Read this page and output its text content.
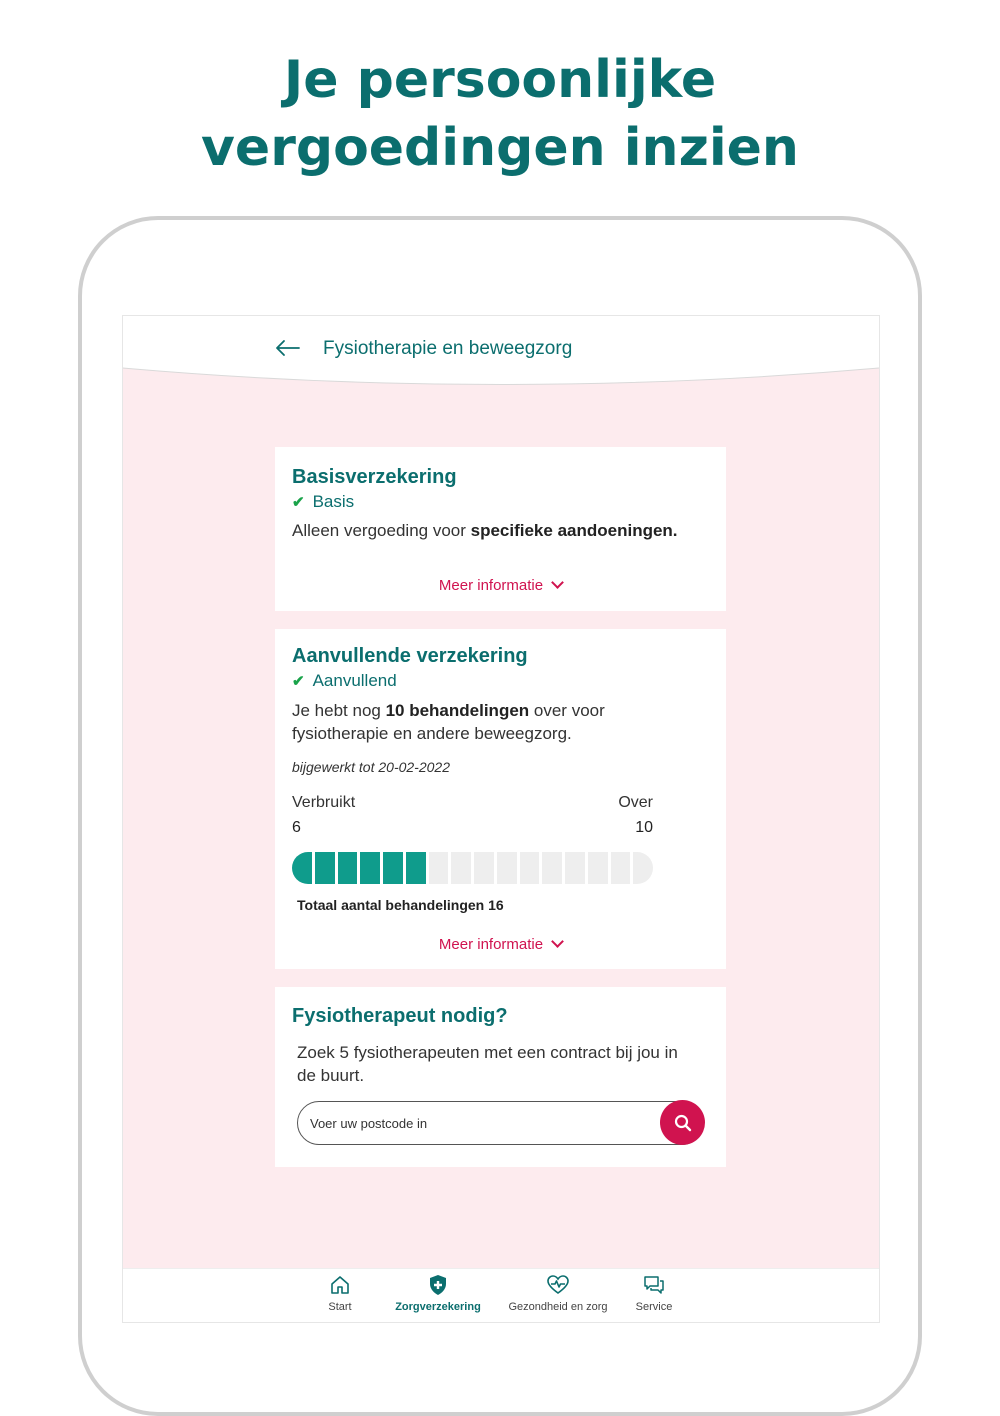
Je persoonlijke
vergoedingen inzien
Fysiotherapie en beweegzorg
Basisverzekering
✔ Basis
Alleen vergoeding voor specifieke aandoeningen.
Meer informatie
Aanvullende verzekering
✔ Aanvullend
Je hebt nog 10 behandelingen over voor fysiotherapie en andere beweegzorg.
bijgewerkt tot 20-02-2022
Verbruikt	Over
6	10
Totaal aantal behandelingen 16
Meer informatie
Fysiotherapeut nodig?
Zoek 5 fysiotherapeuten met een contract bij jou in de buurt.
Voer uw postcode in
Start	Zorgverzekering	Gezondheid en zorg	Service
